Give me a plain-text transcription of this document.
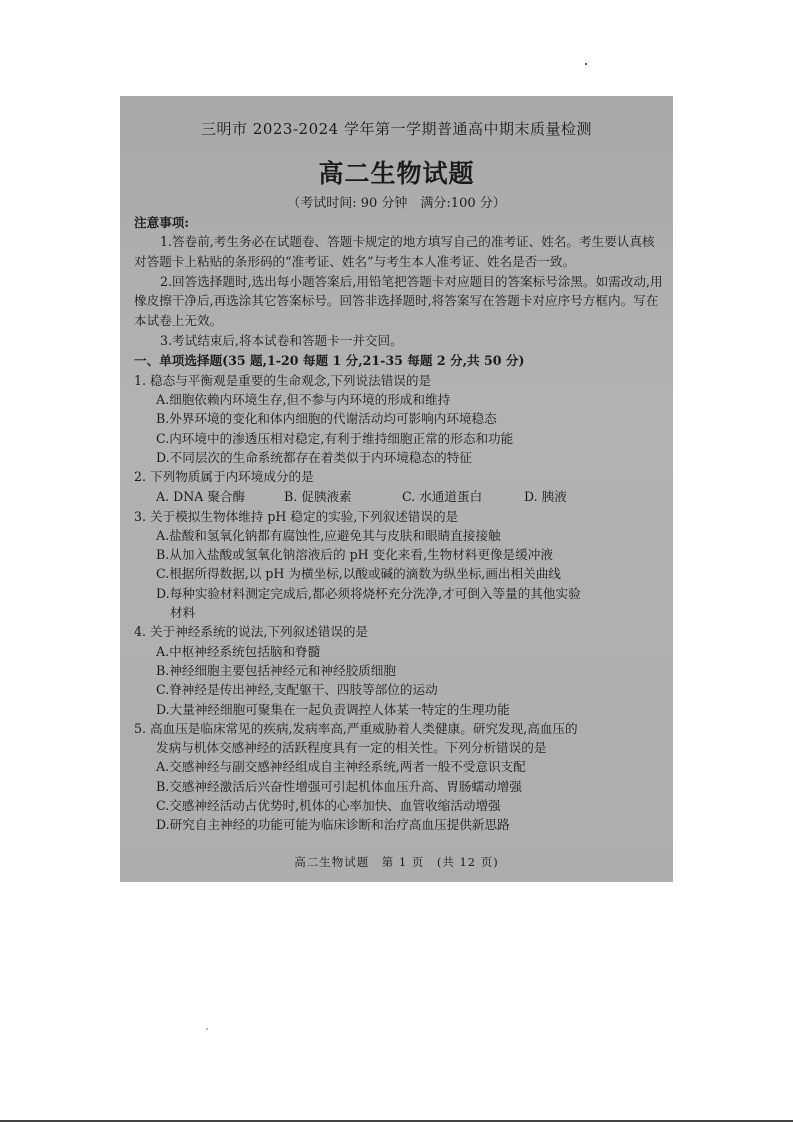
三明市 2023-2024 学年第一学期普通高中期末质量检测
高二生物试题
（考试时间: 90 分钟　满分:100 分）

注意事项:

1.答卷前,考生务必在试题卷、答题卡规定的地方填写自己的准考证、姓名。考生要认真核对答题卡上粘贴的条形码的“准考证、姓名”与考生本人准考证、姓名是否一致。

2.回答选择题时,选出每小题答案后,用铅笔把答题卡对应题目的答案标号涂黑。如需改动,用橡皮擦干净后,再选涂其它答案标号。回答非选择题时,将答案写在答题卡对应序号方框内。写在本试卷上无效。

3.考试结束后,将本试卷和答题卡一并交回。

一、单项选择题(35 题,1-20 每题 1 分,21-35 每题 2 分,共 50 分)

1. 稳态与平衡观是重要的生命观念,下列说法错误的是

A.细胞依赖内环境生存,但不参与内环境的形成和维持

B.外界环境的变化和体内细胞的代谢活动均可影响内环境稳态

C.内环境中的渗透压相对稳定,有利于维持细胞正常的形态和功能

D.不同层次的生命系统都存在着类似于内环境稳态的特征

2. 下列物质属于内环境成分的是

A. DNA 聚合酶	B. 促胰液素	C. 水通道蛋白	D. 胰液

3. 关于模拟生物体维持 pH 稳定的实验,下列叙述错误的是

A.盐酸和氢氧化钠都有腐蚀性,应避免其与皮肤和眼睛直接接触

B.从加入盐酸或氢氧化钠溶液后的 pH 变化来看,生物材料更像是缓冲液

C.根据所得数据,以 pH 为横坐标,以酸或碱的滴数为纵坐标,画出相关曲线

D.每种实验材料测定完成后,都必须将烧杯充分洗净,才可倒入等量的其他实验

材料

4. 关于神经系统的说法,下列叙述错误的是

A.中枢神经系统包括脑和脊髓

B.神经细胞主要包括神经元和神经胶质细胞

C.脊神经是传出神经,支配躯干、四肢等部位的运动

D.大量神经细胞可聚集在一起负责调控人体某一特定的生理功能

5. 高血压是临床常见的疾病,发病率高,严重威胁着人类健康。研究发现,高血压的

发病与机体交感神经的活跃程度具有一定的相关性。下列分析错误的是

A.交感神经与副交感神经组成自主神经系统,两者一般不受意识支配

B.交感神经激活后兴奋性增强可引起机体血压升高、胃肠蠕动增强

C.交感神经活动占优势时,机体的心率加快、血管收缩活动增强

D.研究自主神经的功能可能为临床诊断和治疗高血压提供新思路

高二生物试题　第 1 页　(共 12 页)
